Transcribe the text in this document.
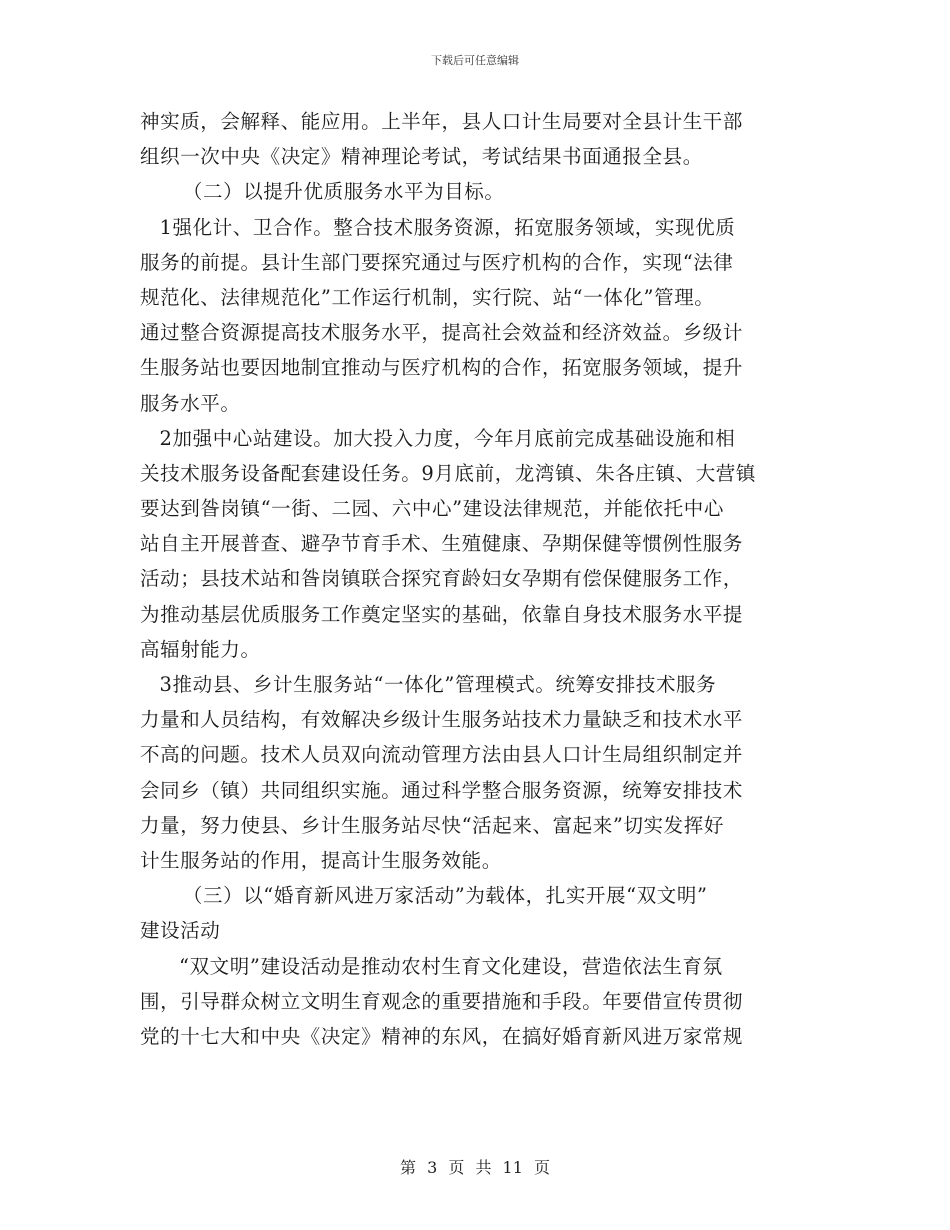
下载后可任意编辑
神实质，会解释、能应用。上半年，县人口计生局要对全县计生干部
组织一次中央《决定》精神理论考试，考试结果书面通报全县。
（二）以提升优质服务水平为目标。
1强化计、卫合作。整合技术服务资源，拓宽服务领域，实现优质
服务的前提。县计生部门要探究通过与医疗机构的合作，实现“法律
规范化、法律规范化”工作运行机制，实行院、站“一体化”管理。
通过整合资源提高技术服务水平，提高社会效益和经济效益。乡级计
生服务站也要因地制宜推动与医疗机构的合作，拓宽服务领域，提升
服务水平。
2加强中心站建设。加大投入力度，今年月底前完成基础设施和相
关技术服务设备配套建设任务。9月底前，龙湾镇、朱各庄镇、大营镇
要达到昝岗镇“一街、二园、六中心”建设法律规范，并能依托中心
站自主开展普查、避孕节育手术、生殖健康、孕期保健等惯例性服务
活动；县技术站和昝岗镇联合探究育龄妇女孕期有偿保健服务工作，
为推动基层优质服务工作奠定坚实的基础，依靠自身技术服务水平提
高辐射能力。
3推动县、乡计生服务站“一体化”管理模式。统筹安排技术服务
力量和人员结构，有效解决乡级计生服务站技术力量缺乏和技术水平
不高的问题。技术人员双向流动管理方法由县人口计生局组织制定并
会同乡（镇）共同组织实施。通过科学整合服务资源，统筹安排技术
力量，努力使县、乡计生服务站尽快“活起来、富起来”切实发挥好
计生服务站的作用，提高计生服务效能。
（三）以“婚育新风进万家活动”为载体，扎实开展“双文明”
建设活动
“双文明”建设活动是推动农村生育文化建设，营造依法生育氛
围，引导群众树立文明生育观念的重要措施和手段。年要借宣传贯彻
党的十七大和中央《决定》精神的东风，在搞好婚育新风进万家常规
第 3 页 共 11 页
